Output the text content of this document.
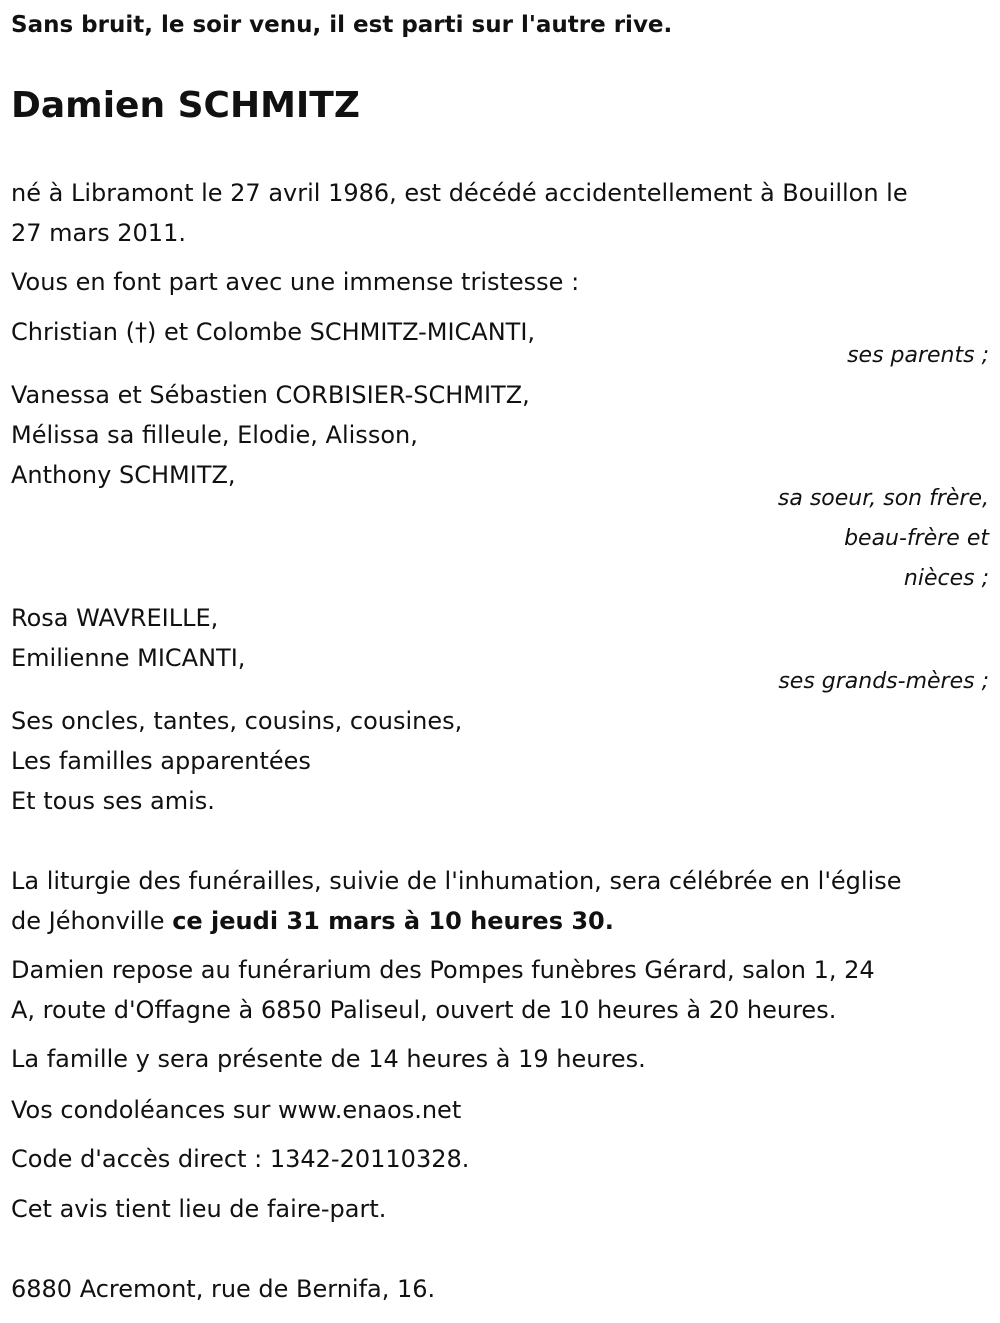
Sans bruit, le soir venu, il est parti sur l'autre rive.
Damien SCHMITZ
né à Libramont le 27 avril 1986, est décédé accidentellement à Bouillon le
27 mars 2011.
Vous en font part avec une immense tristesse :
Christian (†) et Colombe SCHMITZ-MICANTI,
ses parents ;
Vanessa et Sébastien CORBISIER-SCHMITZ,
Mélissa sa filleule, Elodie, Alisson,
Anthony SCHMITZ,
sa soeur, son frère,
beau-frère et
nièces ;
Rosa WAVREILLE,
Emilienne MICANTI,
ses grands-mères ;
Ses oncles, tantes, cousins, cousines,
Les familles apparentées
Et tous ses amis.
La liturgie des funérailles, suivie de l'inhumation, sera célébrée en l'église
de Jéhonville ce jeudi 31 mars à 10 heures 30.
Damien repose au funérarium des Pompes funèbres Gérard, salon 1, 24
A, route d'Offagne à 6850 Paliseul, ouvert de 10 heures à 20 heures.
La famille y sera présente de 14 heures à 19 heures.
Vos condoléances sur www.enaos.net
Code d'accès direct : 1342-20110328.
Cet avis tient lieu de faire-part.
6880 Acremont, rue de Bernifa, 16.
